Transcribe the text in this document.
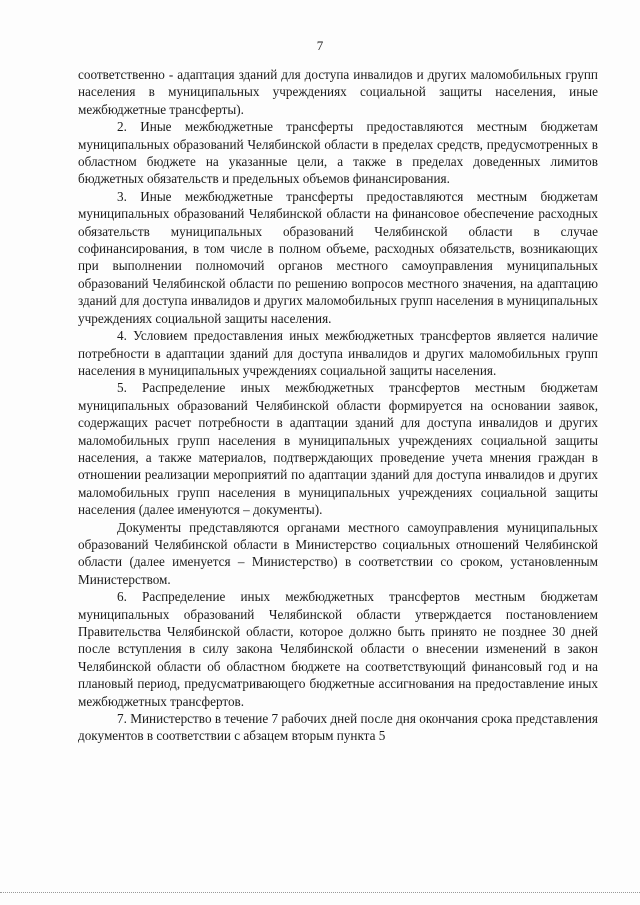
7

соответственно - адаптация зданий для доступа инвалидов и других маломобильных групп населения в муниципальных учреждениях социальной защиты населения, иные межбюджетные трансферты).

2. Иные межбюджетные трансферты предоставляются местным бюджетам муниципальных образований Челябинской области в пределах средств, предусмотренных в областном бюджете на указанные цели, а также в пределах доведенных лимитов бюджетных обязательств и предельных объемов финансирования.

3. Иные межбюджетные трансферты предоставляются местным бюджетам муниципальных образований Челябинской области на финансовое обеспечение расходных обязательств муниципальных образований Челябинской области в случае софинансирования, в том числе в полном объеме, расходных обязательств, возникающих при выполнении полномочий органов местного самоуправления муниципальных образований Челябинской области по решению вопросов местного значения, на адаптацию зданий для доступа инвалидов и других маломобильных групп населения в муниципальных учреждениях социальной защиты населения.

4. Условием предоставления иных межбюджетных трансфертов является наличие потребности в адаптации зданий для доступа инвалидов и других маломобильных групп населения в муниципальных учреждениях социальной защиты населения.

5. Распределение иных межбюджетных трансфертов местным бюджетам муниципальных образований Челябинской области формируется на основании заявок, содержащих расчет потребности в адаптации зданий для доступа инвалидов и других маломобильных групп населения в муниципальных учреждениях социальной защиты населения, а также материалов, подтверждающих проведение учета мнения граждан в отношении реализации мероприятий по адаптации зданий для доступа инвалидов и других маломобильных групп населения в муниципальных учреждениях социальной защиты населения (далее именуются – документы).

Документы представляются органами местного самоуправления муниципальных образований Челябинской области в Министерство социальных отношений Челябинской области (далее именуется – Министерство) в соответствии со сроком, установленным Министерством.

6. Распределение иных межбюджетных трансфертов местным бюджетам муниципальных образований Челябинской области утверждается постановлением Правительства Челябинской области, которое должно быть принято не позднее 30 дней после вступления в силу закона Челябинской области о внесении изменений в закон Челябинской области об областном бюджете на соответствующий финансовый год и на плановый период, предусматривающего бюджетные ассигнования на предоставление иных межбюджетных трансфертов.

7. Министерство в течение 7 рабочих дней после дня окончания срока представления документов в соответствии с абзацем вторым пункта 5
